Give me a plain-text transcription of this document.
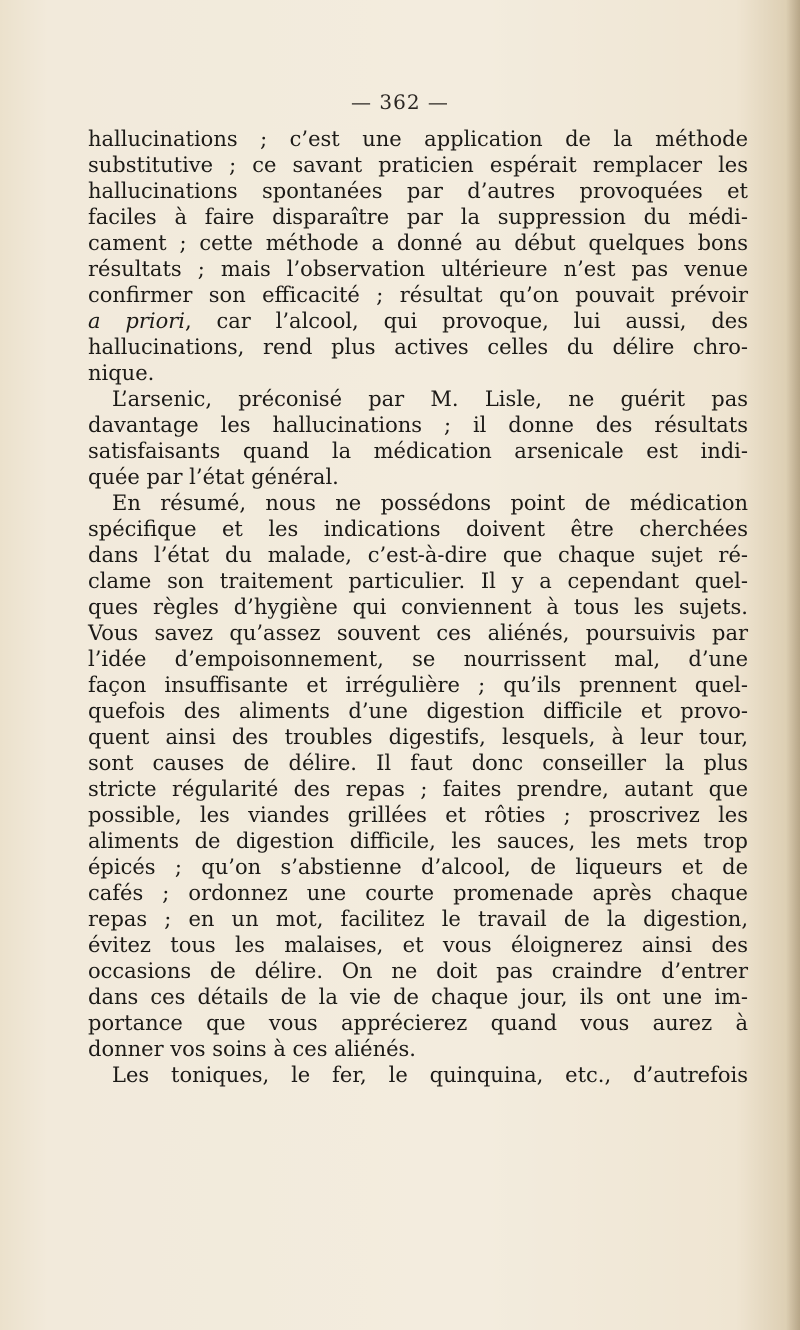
— 362 —
hallucinations ; c’est une application de la méthode
substitutive ; ce savant praticien espérait remplacer les
hallucinations spontanées par d’autres provoquées et
faciles à faire disparaître par la suppression du médi-
cament ; cette méthode a donné au début quelques bons
résultats ; mais l’observation ultérieure n’est pas venue
confirmer son efficacité ; résultat qu’on pouvait prévoir
a priori, car l’alcool, qui provoque, lui aussi, des
hallucinations, rend plus actives celles du délire chro-
nique.
L’arsenic, préconisé par M. Lisle, ne guérit pas
davantage les hallucinations ; il donne des résultats
satisfaisants quand la médication arsenicale est indi-
quée par l’état général.
En résumé, nous ne possédons point de médication
spécifique et les indications doivent être cherchées
dans l’état du malade, c’est-à-dire que chaque sujet ré-
clame son traitement particulier. Il y a cependant quel-
ques règles d’hygiène qui conviennent à tous les sujets.
Vous savez qu’assez souvent ces aliénés, poursuivis par
l’idée d’empoisonnement, se nourrissent mal, d’une
façon insuffisante et irrégulière ; qu’ils prennent quel-
quefois des aliments d’une digestion difficile et provo-
quent ainsi des troubles digestifs, lesquels, à leur tour,
sont causes de délire. Il faut donc conseiller la plus
stricte régularité des repas ; faites prendre, autant que
possible, les viandes grillées et rôties ; proscrivez les
aliments de digestion difficile, les sauces, les mets trop
épicés ; qu’on s’abstienne d’alcool, de liqueurs et de
cafés ; ordonnez une courte promenade après chaque
repas ; en un mot, facilitez le travail de la digestion,
évitez tous les malaises, et vous éloignerez ainsi des
occasions de délire. On ne doit pas craindre d’entrer
dans ces détails de la vie de chaque jour, ils ont une im-
portance que vous apprécierez quand vous aurez à
donner vos soins à ces aliénés.
Les toniques, le fer, le quinquina, etc., d’autrefois
